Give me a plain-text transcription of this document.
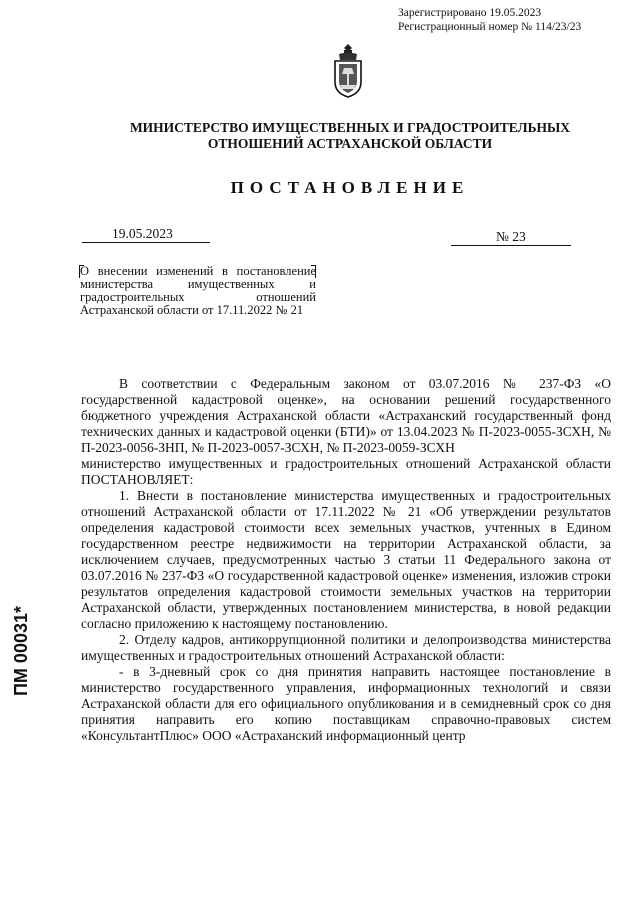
Зарегистрировано 19.05.2023
Регистрационный номер № 114/23/23
МИНИСТЕРСТВО ИМУЩЕСТВЕННЫХ И ГРАДОСТРОИТЕЛЬНЫХ
ОТНОШЕНИЙ АСТРАХАНСКОЙ ОБЛАСТИ
ПОСТАНОВЛЕНИЕ
19.05.2023	№ 23
О внесении изменений в постановление министерства имущественных и градостроительных отношений Астраханской области от 17.11.2022 № 21

В соответствии с Федеральным законом от 03.07.2016 № 237-ФЗ «О государственной кадастровой оценке», на основании решений государственного бюджетного учреждения Астраханской области «Астраханский государственный фонд технических данных и кадастровой оценки (БТИ)» от 13.04.2023 № П-2023-0055-ЗСХН, № П-2023-0056-ЗНП, № П-2023-0057-ЗСХН, № П-2023-0059-ЗСХН

министерство имущественных и градостроительных отношений Астраханской области ПОСТАНОВЛЯЕТ:

1. Внести в постановление министерства имущественных и градостроительных отношений Астраханской области от 17.11.2022 № 21 «Об утверждении результатов определения кадастровой стоимости всех земельных участков, учтенных в Едином государственном реестре недвижимости на территории Астраханской области, за исключением случаев, предусмотренных частью 3 статьи 11 Федерального закона от 03.07.2016 № 237-ФЗ «О государственной кадастровой оценке» изменения, изложив строки результатов определения кадастровой стоимости земельных участков на территории Астраханской области, утвержденных постановлением министерства, в новой редакции согласно приложению к настоящему постановлению.

2. Отделу кадров, антикоррупционной политики и делопроизводства министерства имущественных и градостроительных отношений Астраханской области:

- в 3-дневный срок со дня принятия направить настоящее постановление в министерство государственного управления, информационных технологий и связи Астраханской области для его официального опубликования и в семидневный срок со дня принятия направить его копию поставщикам справочно-правовых систем «КонсультантПлюс» ООО «Астраханский информационный центр

ПМ 00031*
